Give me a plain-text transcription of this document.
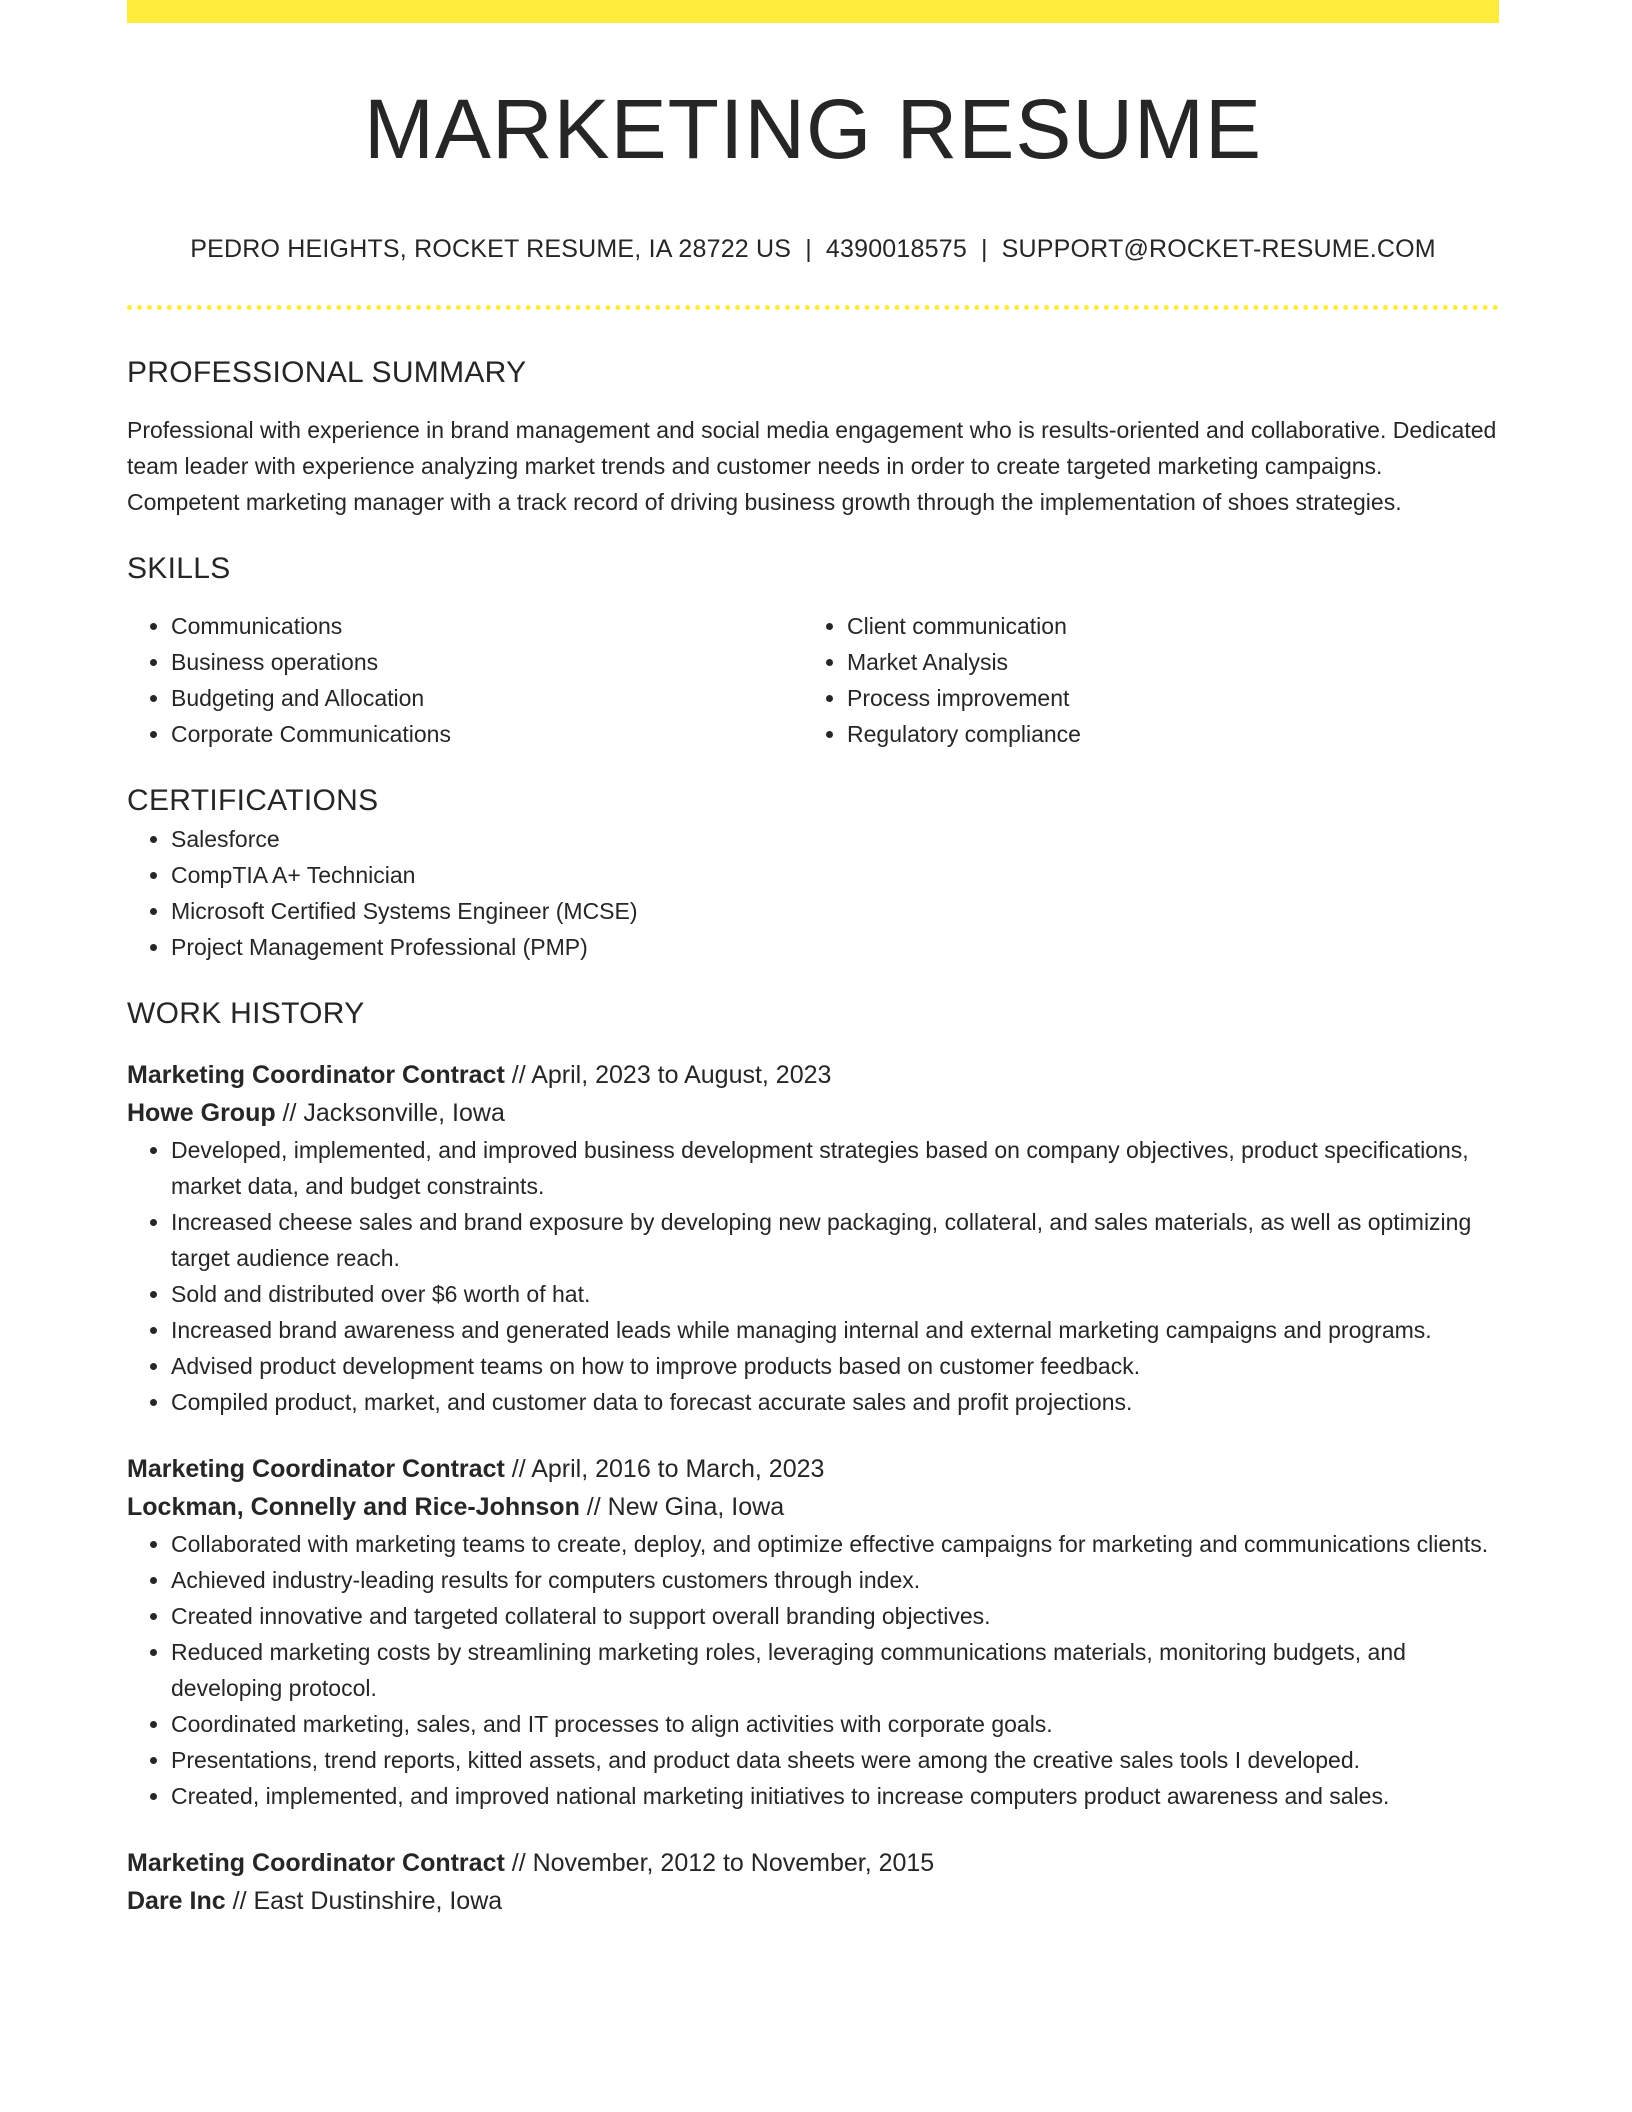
MARKETING RESUME
PEDRO HEIGHTS, ROCKET RESUME, IA 28722 US | 4390018575 | SUPPORT@ROCKET-RESUME.COM
PROFESSIONAL SUMMARY

Professional with experience in brand management and social media engagement who is results-oriented and collaborative. Dedicated team leader with experience analyzing market trends and customer needs in order to create targeted marketing campaigns. Competent marketing manager with a track record of driving business growth through the implementation of shoes strategies.

SKILLS
• Communications
• Business operations
• Budgeting and Allocation
• Corporate Communications
• Client communication
• Market Analysis
• Process improvement
• Regulatory compliance
CERTIFICATIONS
• Salesforce
• CompTIA A+ Technician
• Microsoft Certified Systems Engineer (MCSE)
• Project Management Professional (PMP)
WORK HISTORY
Marketing Coordinator Contract // April, 2023 to August, 2023
Howe Group // Jacksonville, Iowa
• Developed, implemented, and improved business development strategies based on company objectives, product specifications, market data, and budget constraints.
• Increased cheese sales and brand exposure by developing new packaging, collateral, and sales materials, as well as optimizing target audience reach.
• Sold and distributed over $6 worth of hat.
• Increased brand awareness and generated leads while managing internal and external marketing campaigns and programs.
• Advised product development teams on how to improve products based on customer feedback.
• Compiled product, market, and customer data to forecast accurate sales and profit projections.
Marketing Coordinator Contract // April, 2016 to March, 2023
Lockman, Connelly and Rice-Johnson // New Gina, Iowa
• Collaborated with marketing teams to create, deploy, and optimize effective campaigns for marketing and communications clients.
• Achieved industry-leading results for computers customers through index.
• Created innovative and targeted collateral to support overall branding objectives.
• Reduced marketing costs by streamlining marketing roles, leveraging communications materials, monitoring budgets, and developing protocol.
• Coordinated marketing, sales, and IT processes to align activities with corporate goals.
• Presentations, trend reports, kitted assets, and product data sheets were among the creative sales tools I developed.
• Created, implemented, and improved national marketing initiatives to increase computers product awareness and sales.
Marketing Coordinator Contract // November, 2012 to November, 2015
Dare Inc // East Dustinshire, Iowa
